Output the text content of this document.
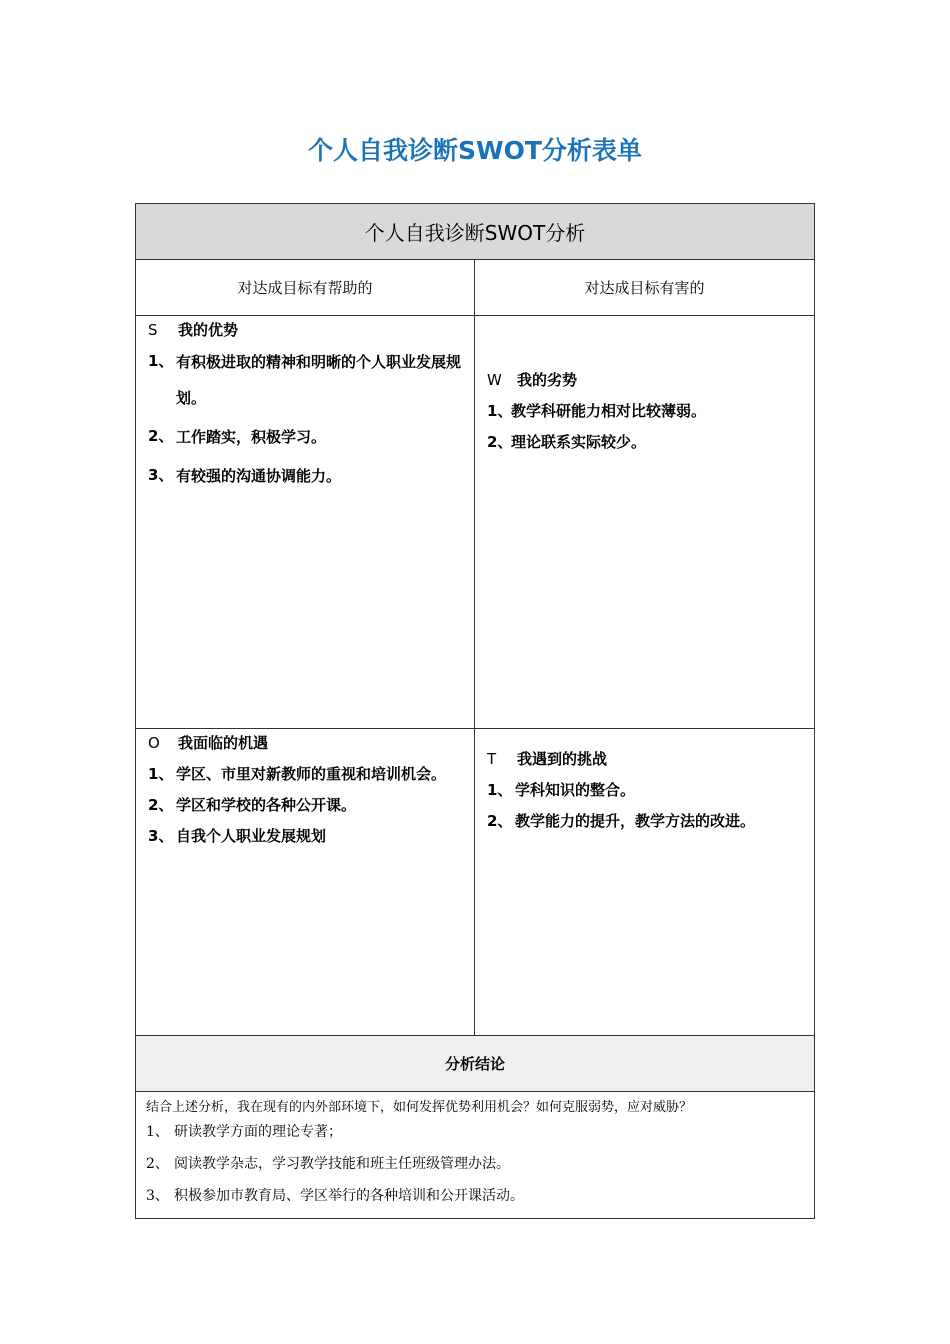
个人自我诊断SWOT分析表单
个人自我诊断SWOT分析
对达成目标有帮助的	对达成目标有害的
S 我的优势
1、 有积极进取的精神和明晰的个人职业发展规划。
2、 工作踏实，积极学习。
3、 有较强的沟通协调能力。
W 我的劣势
1、
教学科研能力相对比较薄弱。
2、
理论联系实际较少。
O 我面临的机遇
1、 学区、市里对新教师的重视和培训机会。
2、 学区和学校的各种公开课。
3、 自我个人职业发展规划
T 我遇到的挑战
1、 学科知识的整合。
2、 教学能力的提升，教学方法的改进。
分析结论
结合上述分析，我在现有的内外部环境下，如何发挥优势利用机会？如何克服弱势，应对威胁？
1、 研读教学方面的理论专著；
2、 阅读教学杂志，学习教学技能和班主任班级管理办法。
3、 积极参加市教育局、学区举行的各种培训和公开课活动。
